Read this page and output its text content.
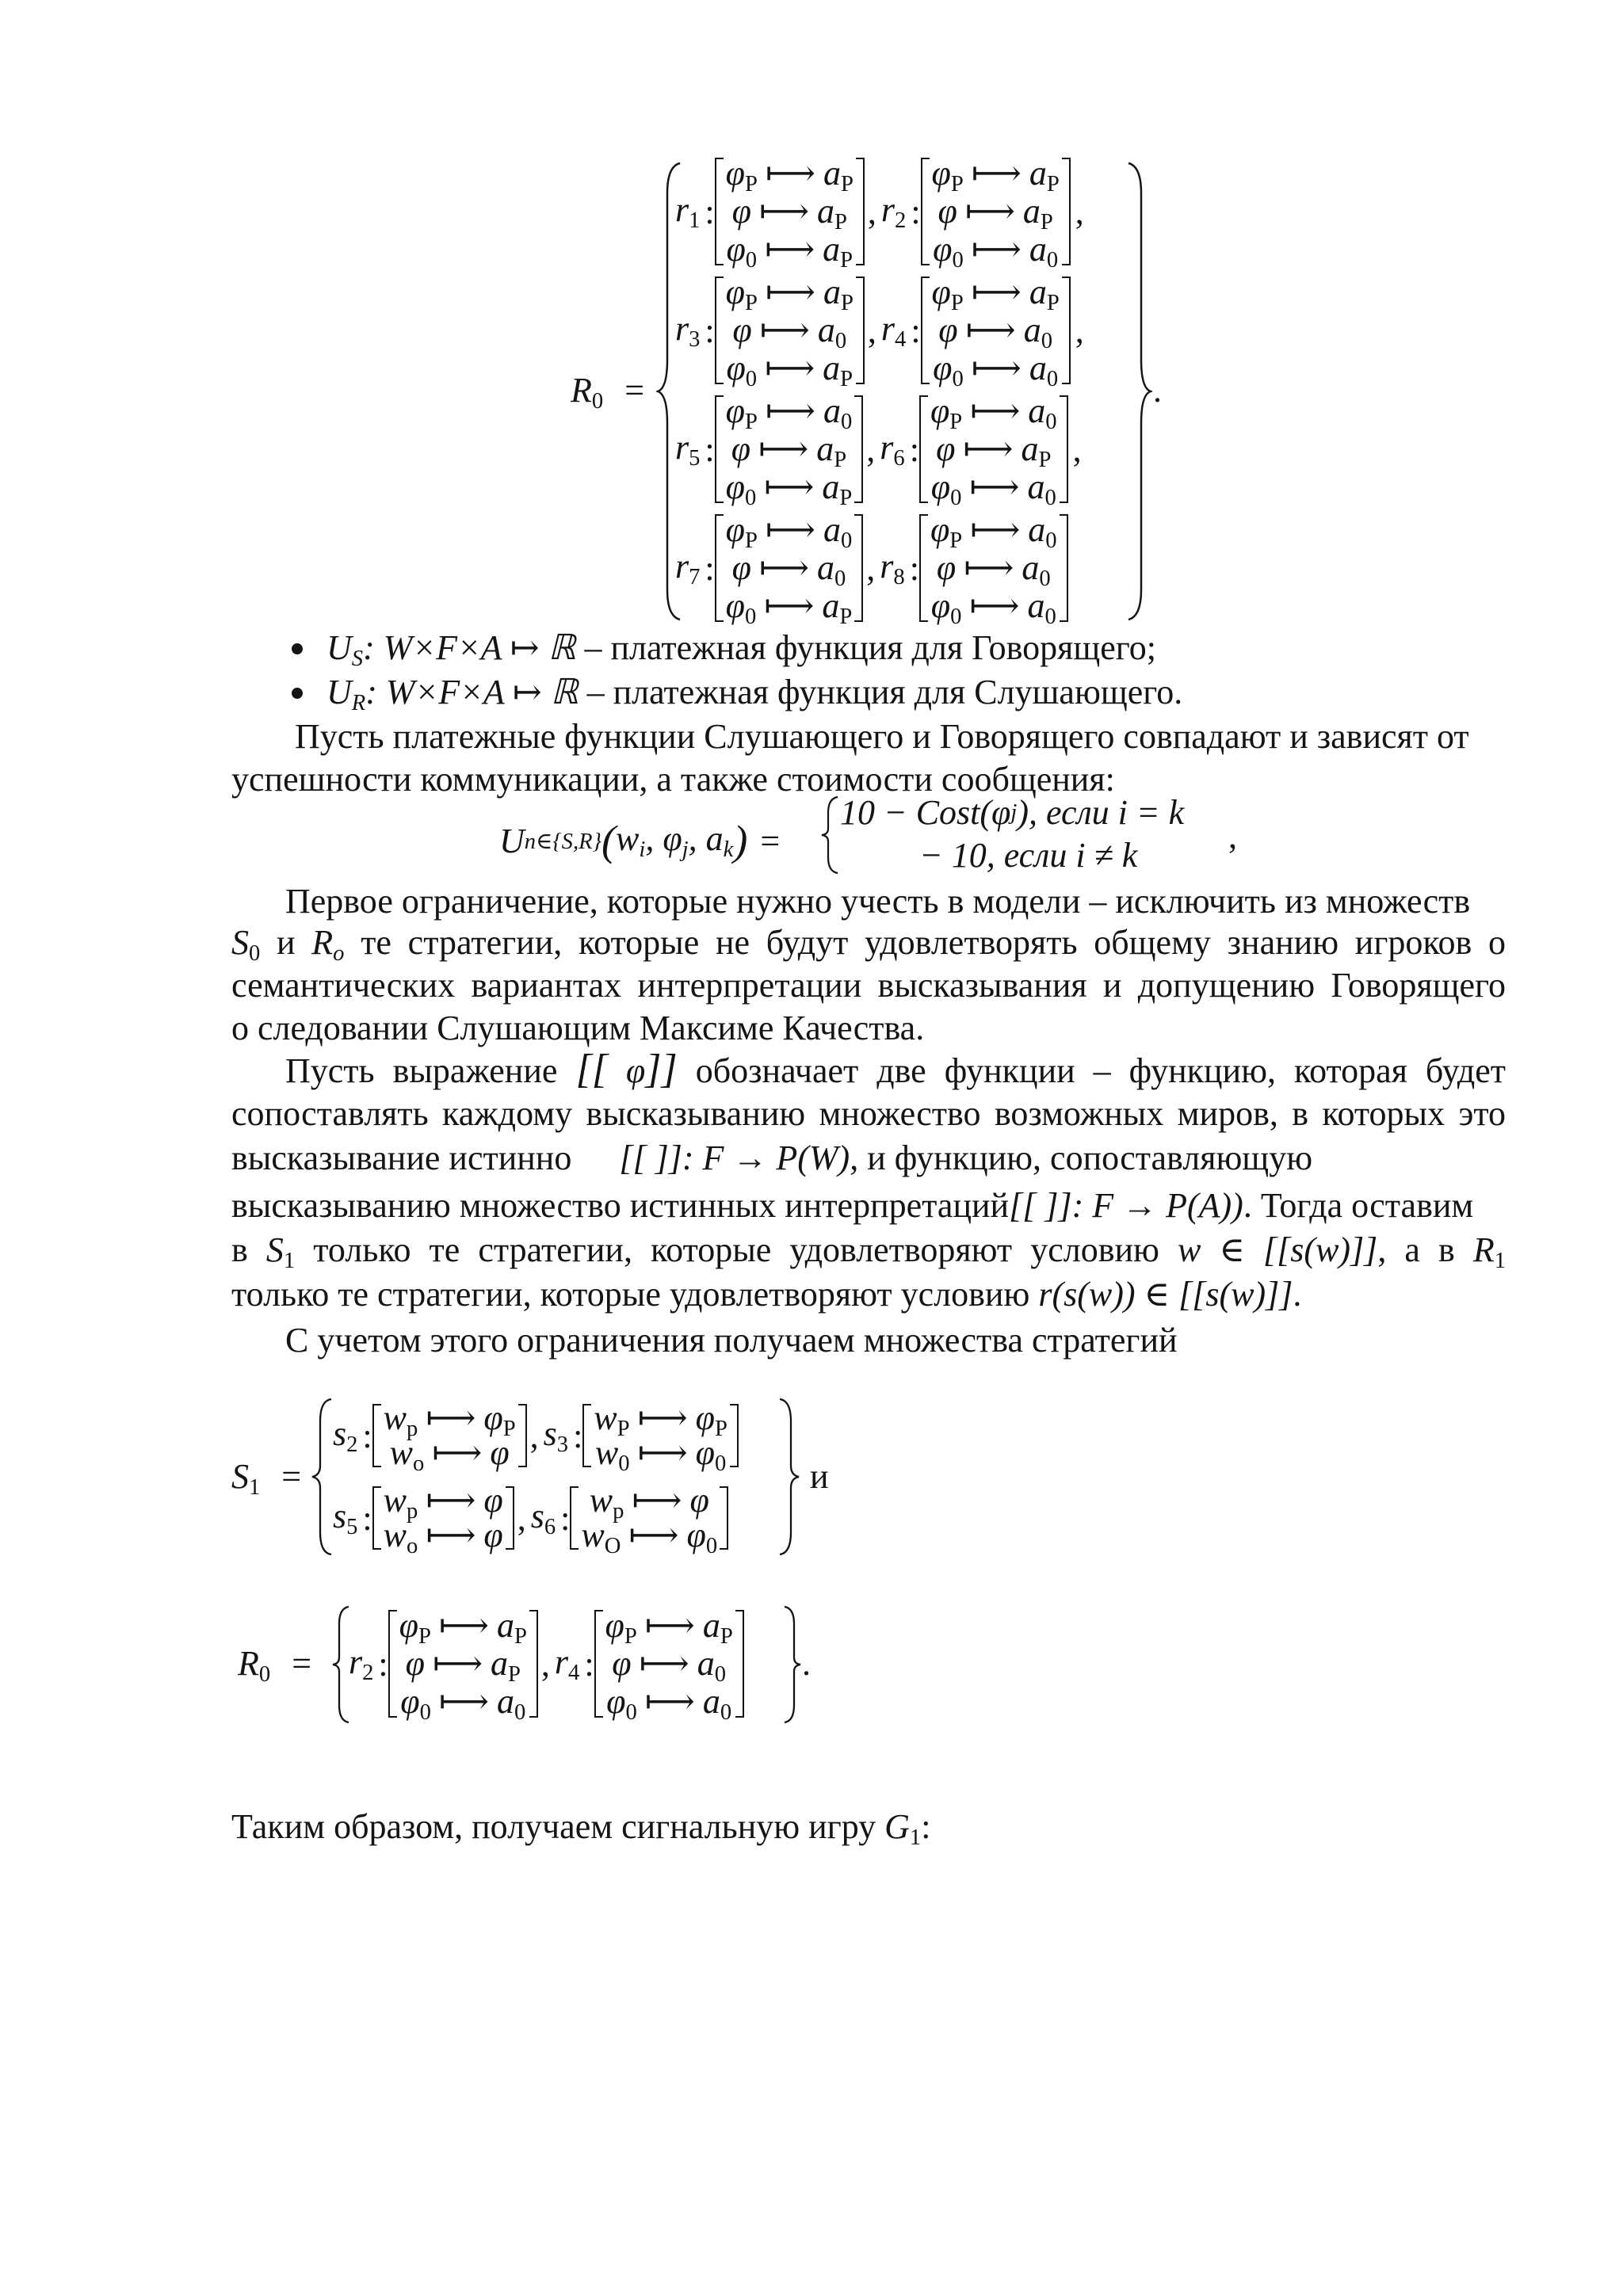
$R_0$ =	.
$r_1$ :
$\varphi_P$ ⟼ $a_P$
φ ⟼ $a_P$
$\varphi_0$ ⟼ $a_P$
, $r_2$ :
$\varphi_P$ ⟼ $a_P$
φ ⟼ $a_P$
$\varphi_0$ ⟼ $a_0$
,
$r_3$ :
$\varphi_P$ ⟼ $a_P$
φ ⟼ $a_0$
$\varphi_0$ ⟼ $a_P$
, $r_4$ :
$\varphi_P$ ⟼ $a_P$
φ ⟼ $a_0$
$\varphi_0$ ⟼ $a_0$
,
$r_5$ :
$\varphi_P$ ⟼ $a_0$
φ ⟼ $a_P$
$\varphi_0$ ⟼ $a_P$
, $r_6$ :
$\varphi_P$ ⟼ $a_0$
φ ⟼ $a_P$
$\varphi_0$ ⟼ $a_0$
,
$r_7$ :
$\varphi_P$ ⟼ $a_0$
φ ⟼ $a_0$
$\varphi_0$ ⟼ $a_P$
, $r_8$ :
$\varphi_P$ ⟼ $a_0$
φ ⟼ $a_0$
$\varphi_0$ ⟼ $a_0$
US: W×F×A ↦ ℝ – платежная функция для Говорящего;
UR: W×F×A ↦ ℝ – платежная функция для Слушающего.
Пусть платежные функции Слушающего и Говорящего совпадают и зависят от
успешности коммуникации, а также стоимости сообщения:
U n∈{S,R} ( wi, φj, ak ) =
10 − Cost(φ j ), если i = k
− 10, если i ≠ k	,
Первое ограничение, которые нужно учесть в модели – исключить из множеств
$S_0$ и Ro те стратегии, которые не будут удовлетворять общему знанию игроков о
семантических вариантах интерпретации высказывания и допущению Говорящего
о следовании Слушающим Максиме Качества.
Пусть выражение [[ φ]] обозначает две функции – функцию, которая будет
сопоставлять каждому высказыванию множество возможных миров, в которых это
высказывание истинно [[ ]]: F → P(W), и функцию, сопоставляющую
высказыванию множество истинных интерпретаций[[ ]]: F → P(A)). Тогда оставим
в $S_1$ только те стратегии, которые удовлетворяют условию w ∈ [[s(w)]], а в $R_1$
только те стратегии, которые удовлетворяют условию r(s(w)) ∈ [[s(w)]].
С учетом этого ограничения получаем множества стратегий
$S_1$ =
$s_2$ : $w_p$ ⟼ $\varphi_P$
$w_o$ ⟼ φ , $s_3$ : $w_P$ ⟼ $\varphi_P$
$w_0$ ⟼ $\varphi_0$
$s_5$ : $w_p$ ⟼ φ
$w_o$ ⟼ φ , $s_6$ : $w_p$ ⟼ φ
$w_O$ ⟼ $\varphi_0$
и
$R_0 = r_2$ :
$\varphi_P$ ⟼ $a_P$
φ ⟼ $a_P$
$\varphi_0$ ⟼ $a_0$
, $r_4$ :
$\varphi_P$ ⟼ $a_P$
φ ⟼ $a_0$
$\varphi_0$ ⟼ $a_0$
.
Таким образом, получаем сигнальную игру $G_1$:
